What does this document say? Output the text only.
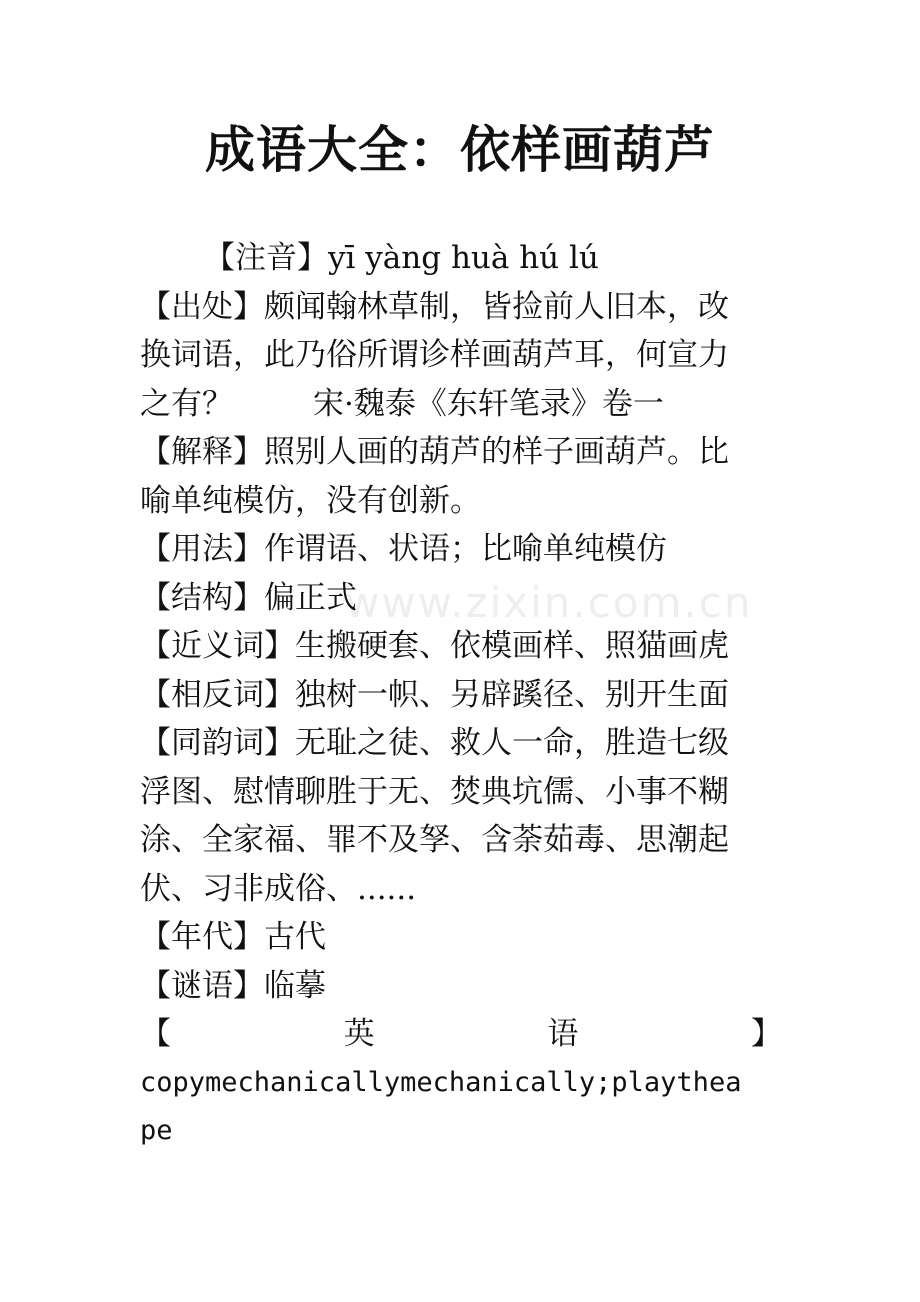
www.zixin.com.cn
成语大全：依样画葫芦
【注音】yī yàng huà hú lú
【出处】颇闻翰林草制，皆捡前人旧本，改
换词语，此乃俗所谓诊样画葫芦耳，何宣力
之有？	宋·魏泰《东轩笔录》卷一
【解释】照别人画的葫芦的样子画葫芦。比
喻单纯模仿，没有创新。
【用法】作谓语、状语；比喻单纯模仿
【结构】偏正式
【近义词】生搬硬套、依模画样、照猫画虎
【相反词】独树一帜、另辟蹊径、别开生面
【同韵词】无耻之徒、救人一命，胜造七级
浮图、慰情聊胜于无、焚典坑儒、小事不糊
涂、全家福、罪不及孥、含荼茹毒、思潮起
伏、习非成俗、......
【年代】古代
【谜语】临摹
【	英	语	】
copymechanicallymechanically;playthea
pe
